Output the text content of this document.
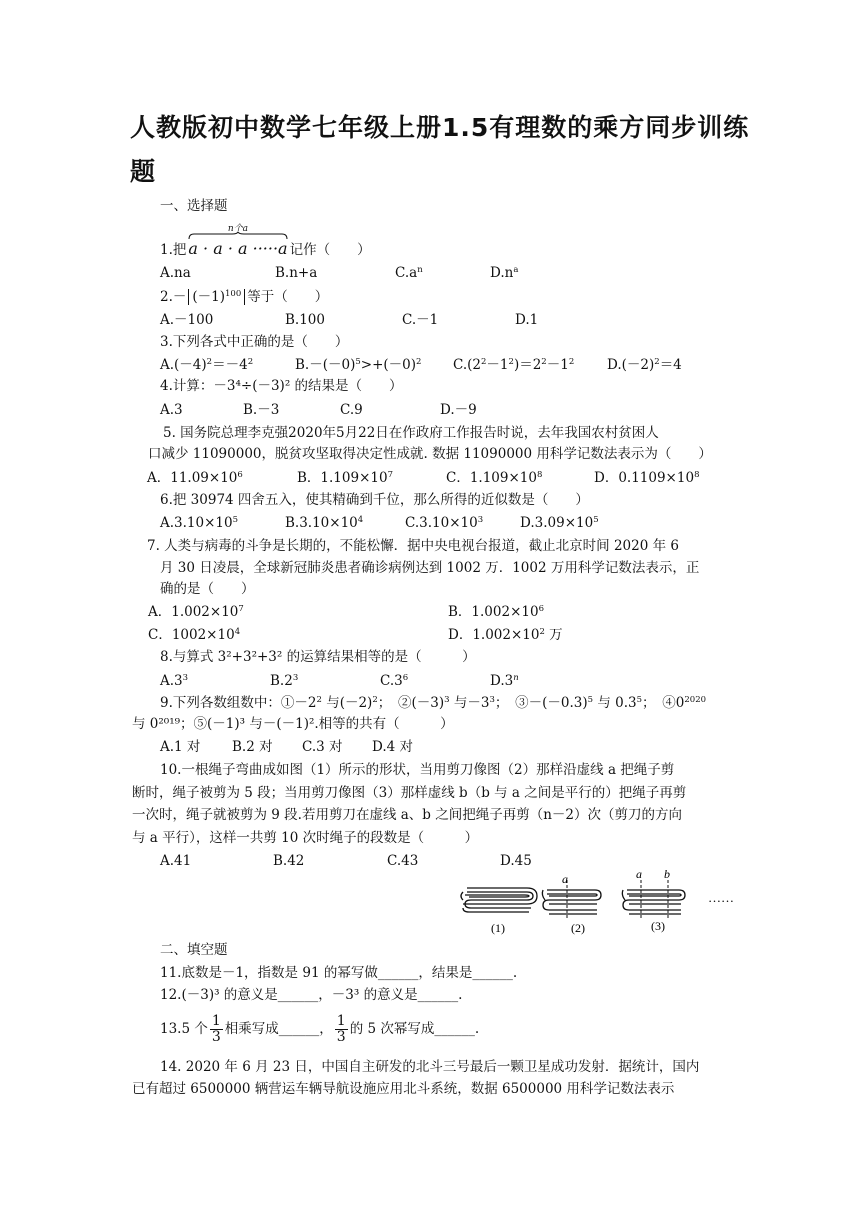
人教版初中数学七年级上册1.5有理数的乘方同步训练题
一、选择题
1.把
n个a
a · a · a ·····a 记作（　　）
A.na	B.n+a	$C.a^n$	$D.n^a$
$2.- (-1)^{100}$ 等于（　　）
A.－100	B.100	C.－1	D.1
3.下列各式中正确的是（　　）
$A.(-4)^2=-4^2$	$B.-(-0)^5>+(-0)^2$ $C.(2^2-1^2)=2^2-1^2$ $D.(-2)^2=4$
4.计算：－3⁴÷(－3)² 的结果是（　　）
A.3	B.－3	C.9	D.－9
5. 国务院总理李克强2020年5月22日在作政府工作报告时说，去年我国农村贫困人
口减少 11090000，脱贫攻坚取得决定性成就. 数据 11090000 用科学记数法表示为（　　）
A．$11.09\times 10^6$	B．$1.109\times 10^7$	C．$1.109\times 10^8$	D．$0.1109\times 10^8$
6.把 30974 四舍五入，使其精确到千位，那么所得的近似数是（　　）
$A.3.10\times 10^5$	$B.3.10\times 10^4$	$C.3.10\times 10^3$	$D.3.09\times 10^5$
7. 人类与病毒的斗争是长期的，不能松懈．据中央电视台报道，截止北京时间 2020 年 6
月 30 日凌晨，全球新冠肺炎患者确诊病例达到 1002 万．1002 万用科学记数法表示，正
确的是（　　）
A．$1.002\times 10^7$	B．$1.002\times 10^6$
C．$1002\times 10^4$	D．$1.002\times 10^2$ 万
8.与算式 3²+3²+3² 的运算结果相等的是（　　　）
$A.3^3$	$B.2^3$	$C.3^6$	D.3$^n$
9.下列各数组数中：$①-2^2$ 与$(-2)^2$；　$②(-3)^3$ 与$-3^3$；　$③-(-0.3)^5$ 与 $0.3^5$；　$④0^{2020}$
与 0²⁰¹⁹；⑤(－1)³ 与－(－1)².相等的共有（　　　）
A.1 对 B.2 对 C.3 对 D.4 对
10.一根绳子弯曲成如图（1）所示的形状，当用剪刀像图（2）那样沿虚线 a 把绳子剪
断时，绳子被剪为 5 段；当用剪刀像图（3）那样虚线 b（b 与 a 之间是平行的）把绳子再剪
一次时，绳子就被剪为 9 段.若用剪刀在虚线 a、b 之间把绳子再剪（n－2）次（剪刀的方向
与 a 平行），这样一共剪 10 次时绳子的段数是（　　　）
A.41	B.42	C.43	D.45
a	a b
(1)	(2)	(3)
……
二、填空题
11.底数是－1，指数是 91 的幂写做______，结果是______.
12.(－3)³ 的意义是______，－3³ 的意义是______.
13.5 个 $\frac{1}{3}$ 相乘写成______， $\frac{1}{3}$ 的 5 次幂写成______.
14. 2020 年 6 月 23 日，中国自主研发的北斗三号最后一颗卫星成功发射．据统计，国内
已有超过 6500000 辆营运车辆导航设施应用北斗系统，数据 6500000 用科学记数法表示
